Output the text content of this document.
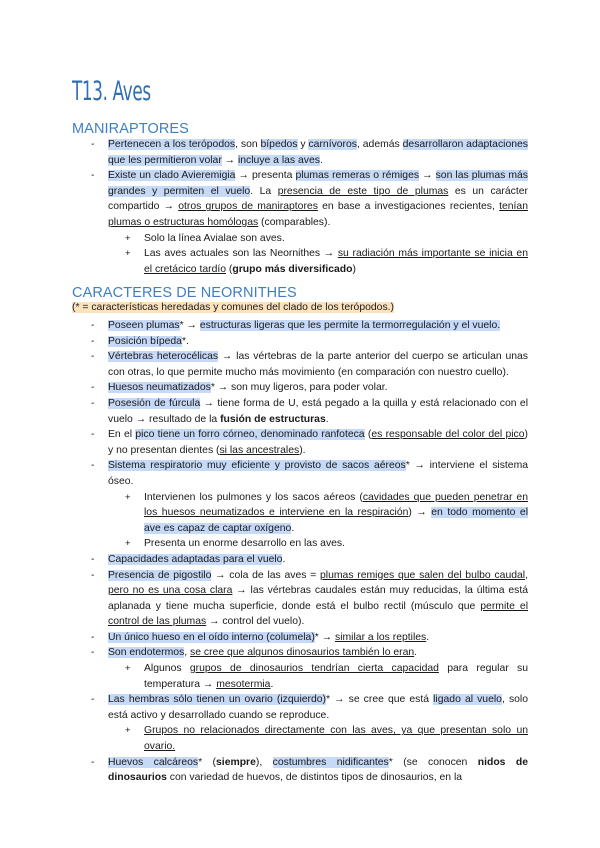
T13. Aves
MANIRAPTORES
- Pertenecen a los terópodos, son bípedos y carnívoros, además desarrollaron adaptaciones que les permitieron volar → incluye a las aves.
- Existe un clado Avieremigia → presenta plumas remeras o rémiges → son las plumas más grandes y permiten el vuelo. La presencia de este tipo de plumas es un carácter compartido → otros grupos de maniraptores en base a investigaciones recientes, tenían plumas o estructuras homólogas (comparables).
+ Solo la línea Avialae son aves.
+ Las aves actuales son las Neornithes → su radiación más importante se inicia en el cretácico tardío (grupo más diversificado)
CARACTERES DE NEORNITHES
(* = características heredadas y comunes del clado de los terópodos.)
- Poseen plumas* → estructuras ligeras que les permite la termorregulación y el vuelo.
- Posición bípeda*.
- Vértebras heterocélicas → las vértebras de la parte anterior del cuerpo se articulan unas con otras, lo que permite mucho más movimiento (en comparación con nuestro cuello).
- Huesos neumatizados* → son muy ligeros, para poder volar.
- Posesión de fúrcula → tiene forma de U, está pegado a la quilla y está relacionado con el vuelo → resultado de la fusión de estructuras.
- En el pico tiene un forro córneo, denominado ranfoteca (es responsable del color del pico) y no presentan dientes (si las ancestrales).
- Sistema respiratorio muy eficiente y provisto de sacos aéreos* → interviene el sistema óseo.
+ Intervienen los pulmones y los sacos aéreos (cavidades que pueden penetrar en los huesos neumatizados e interviene en la respiración) → en todo momento el ave es capaz de captar oxígeno.
+ Presenta un enorme desarrollo en las aves.
- Capacidades adaptadas para el vuelo.
- Presencia de pigostilo → cola de las aves = plumas remiges que salen del bulbo caudal, pero no es una cosa clara → las vértebras caudales están muy reducidas, la última está aplanada y tiene mucha superficie, donde está el bulbo rectil (músculo que permite el control de las plumas → control del vuelo).
- Un único hueso en el oído interno (columela)* → similar a los reptiles.
- Son endotermos, se cree que algunos dinosaurios también lo eran.
+ Algunos grupos de dinosaurios tendrían cierta capacidad para regular su temperatura → mesotermia.
- Las hembras sólo tienen un ovario (izquierdo)* → se cree que está ligado al vuelo, solo está activo y desarrollado cuando se reproduce.
+ Grupos no relacionados directamente con las aves, ya que presentan solo un ovario.
- Huevos calcáreos* (siempre), costumbres nidificantes* (se conocen nidos de dinosaurios con variedad de huevos, de distintos tipos de dinosaurios, en la
